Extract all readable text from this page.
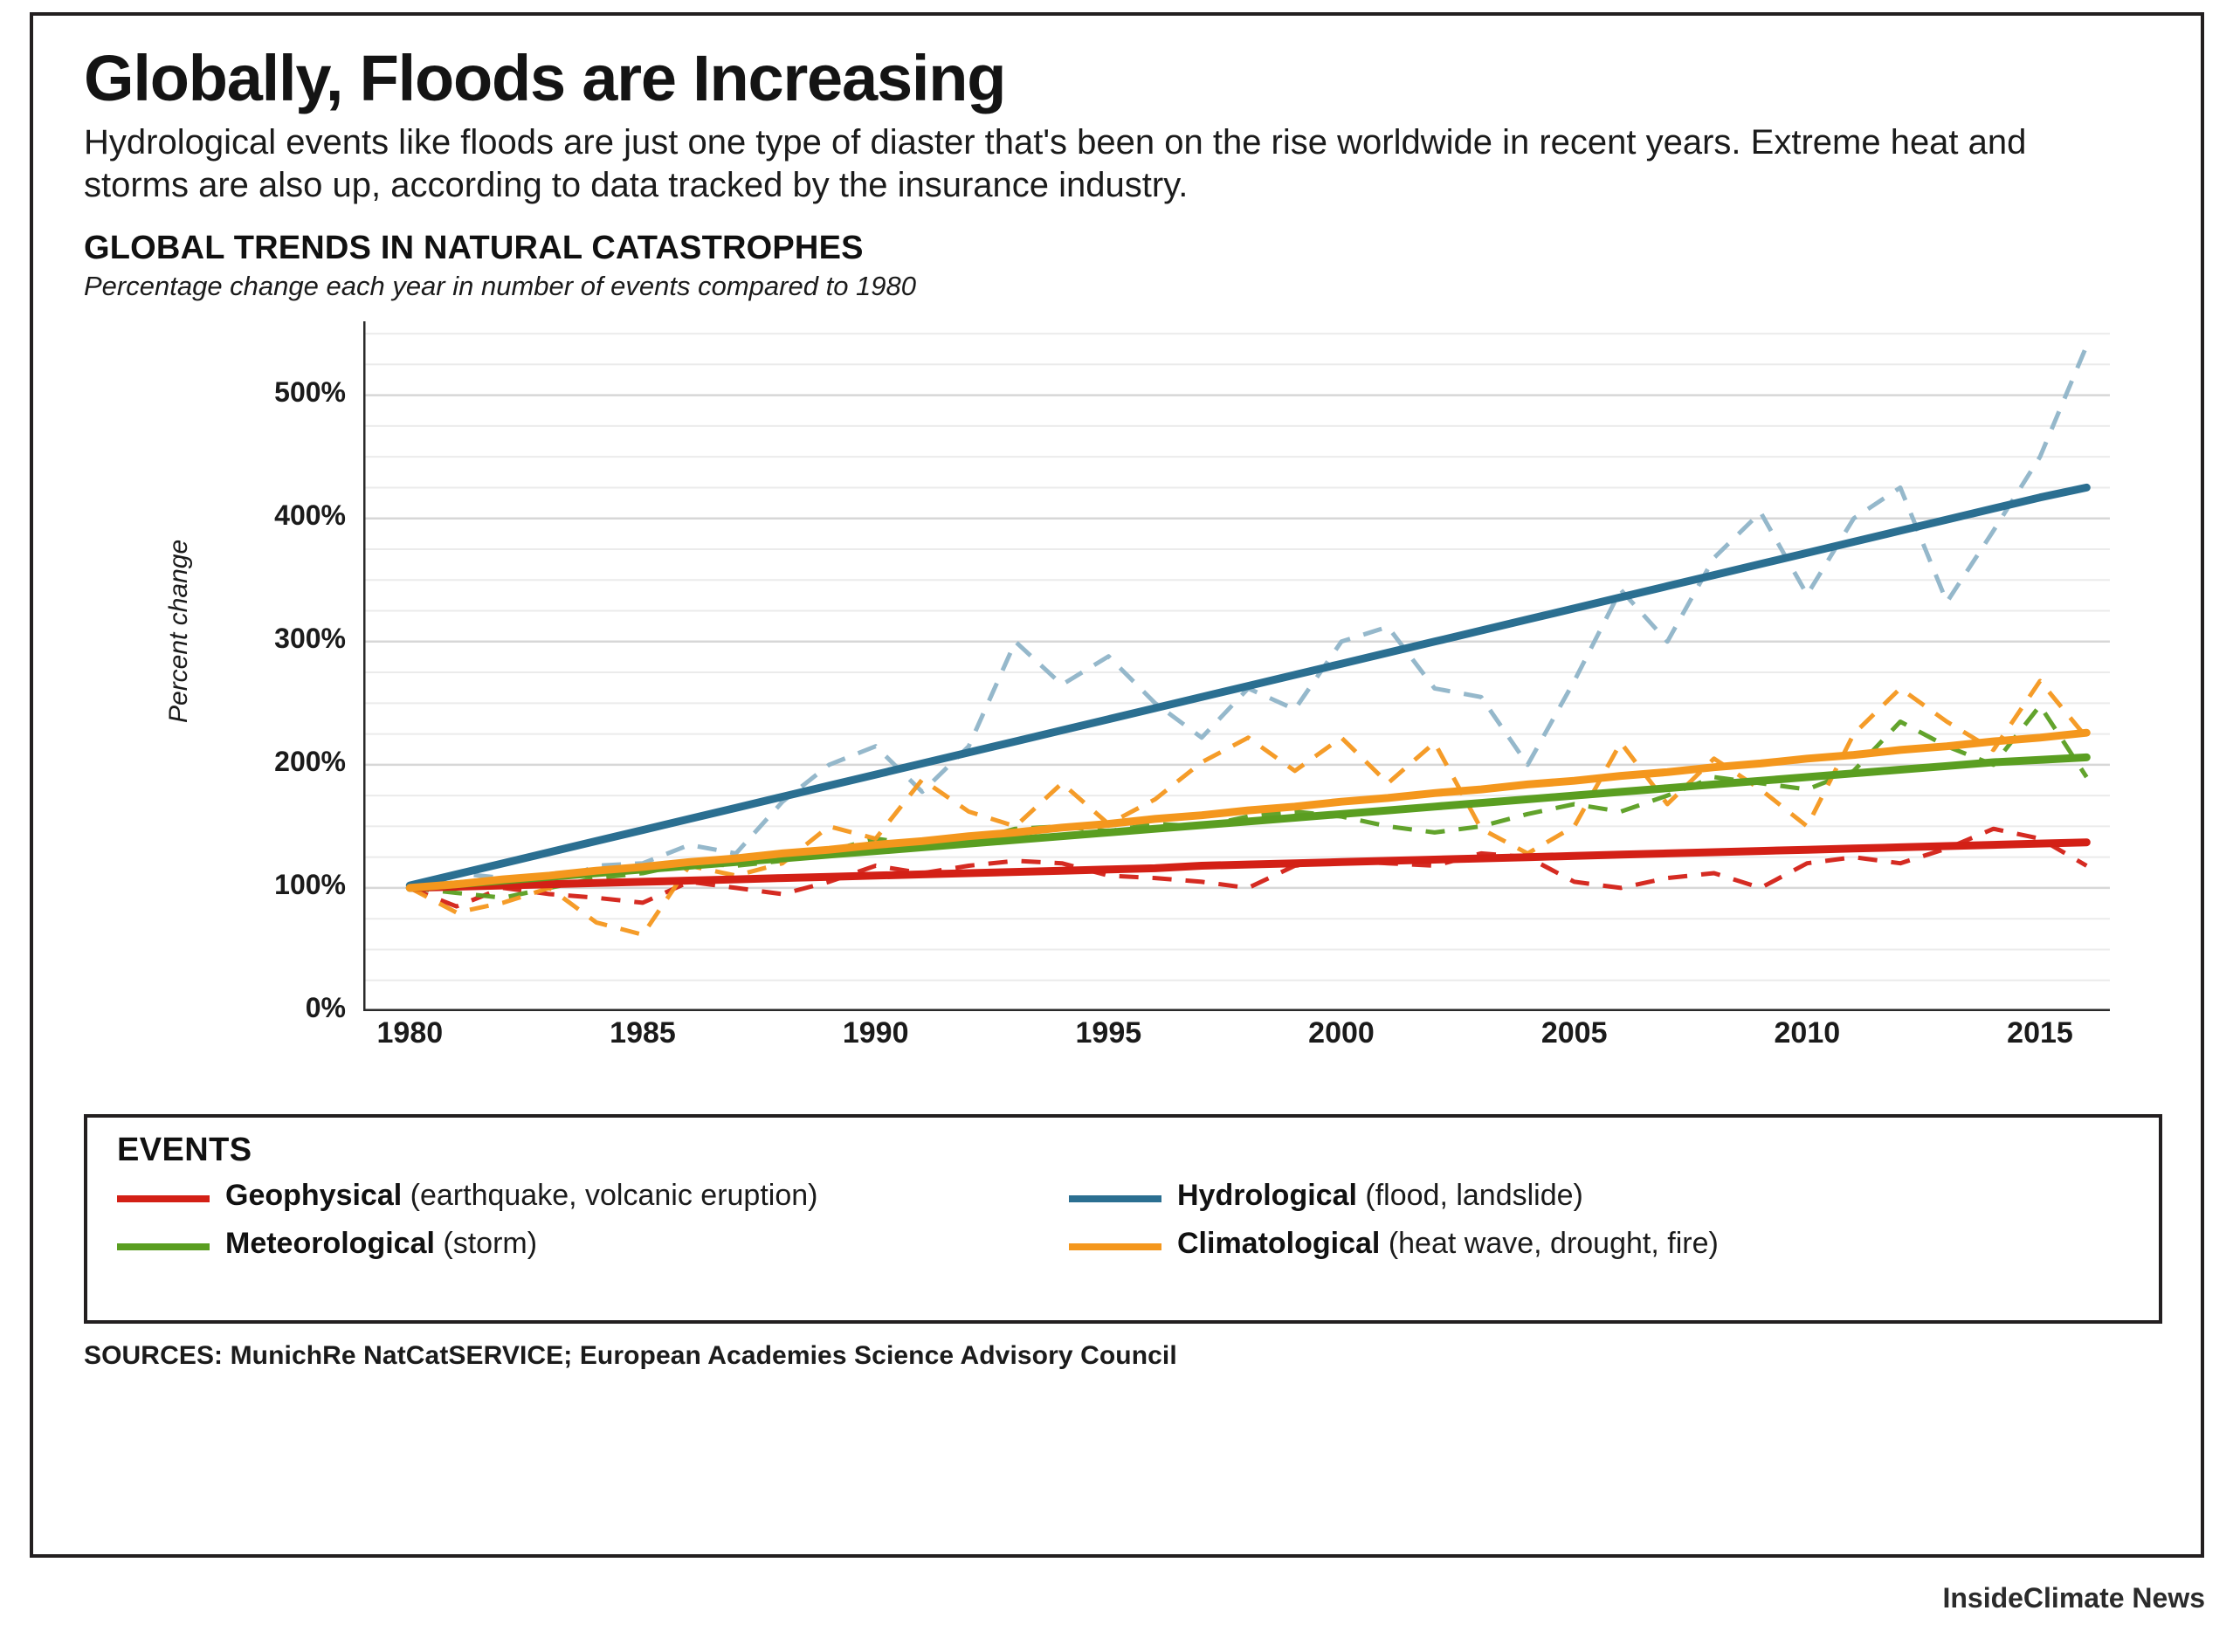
Globally, Floods are Increasing
Hydrological events like floods are just one type of diaster that's been on the rise worldwide in recent years. Extreme heat and storms are also up, according to data tracked by the insurance industry.
GLOBAL TRENDS IN NATURAL CATASTROPHES
Percentage change each year in number of events compared to 1980
Percent change
0%
100%
200%
300%
400%
500%
1980	1985	1990	1995	2000	2005	2010	2015
EVENTS
Geophysical (earthquake, volcanic eruption)
Meteorological (storm)
Hydrological (flood, landslide)
Climatological (heat wave, drought, fire)
SOURCES: MunichRe NatCatSERVICE; European Academies Science Advisory Council
InsideClimate News
